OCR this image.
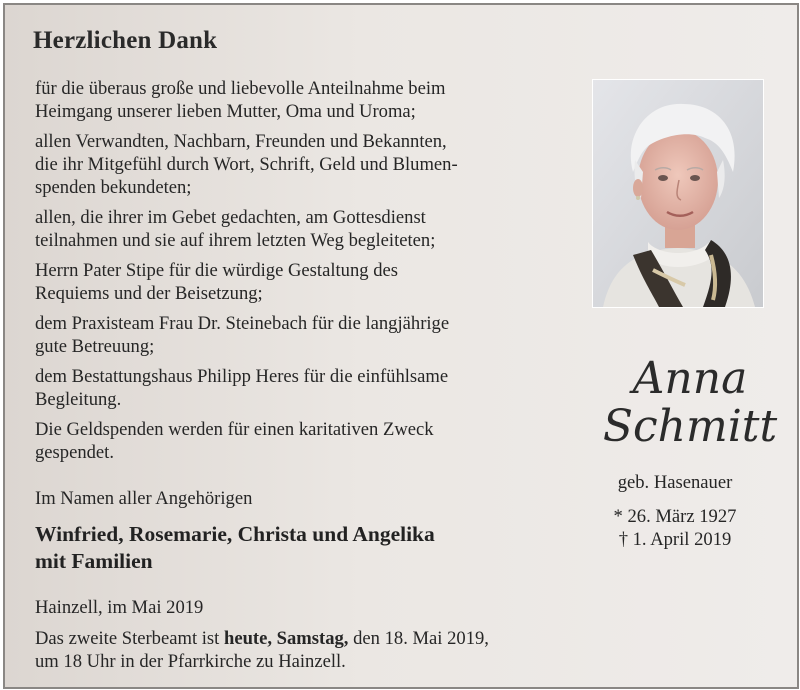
Herzlichen Dank

für die überaus große und liebevolle Anteilnahme beim
Heimgang unserer lieben Mutter, Oma und Uroma;

allen Verwandten, Nachbarn, Freunden und Bekannten,
die ihr Mitgefühl durch Wort, Schrift, Geld und Blumen-
spenden bekundeten;

allen, die ihrer im Gebet gedachten, am Gottesdienst
teilnahmen und sie auf ihrem letzten Weg begleiteten;

Herrn Pater Stipe für die würdige Gestaltung des
Requiems und der Beisetzung;

dem Praxisteam Frau Dr. Steinebach für die langjährige
gute Betreuung;

dem Bestattungshaus Philipp Heres für die einfühlsame
Begleitung.

Die Geldspenden werden für einen karitativen Zweck
gespendet.

Im Namen aller Angehörigen
Winfried, Rosemarie, Christa und Angelika
mit Familien
Hainzell, im Mai 2019
Das zweite Sterbeamt ist heute, Samstag, den 18. Mai 2019,
um 18 Uhr in der Pfarrkirche zu Hainzell.
Anna
Schmitt
geb. Hasenauer
* 26. März 1927
† 1. April 2019
